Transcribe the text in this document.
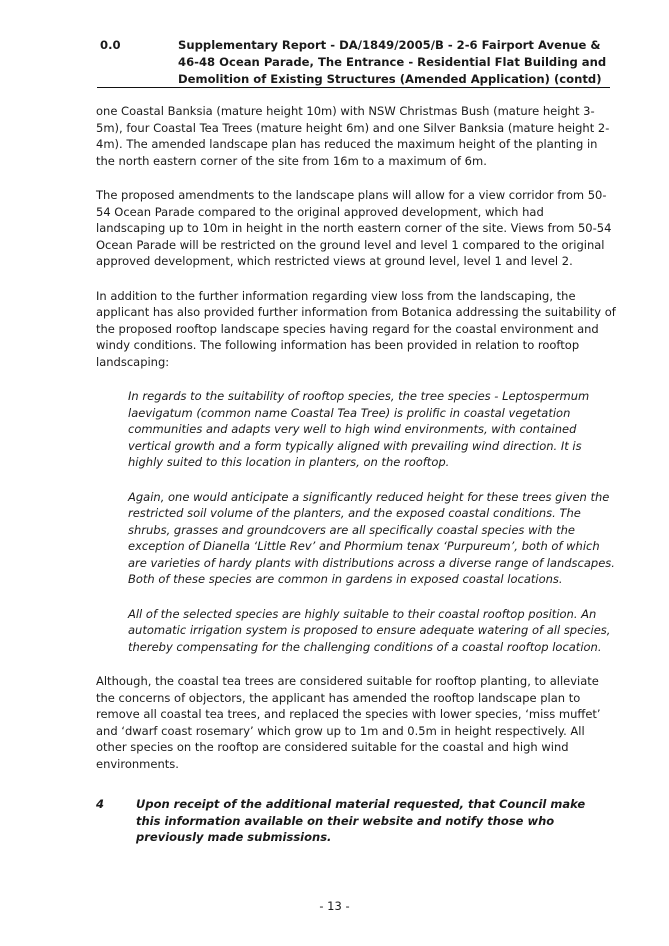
0.0	Supplementary Report - DA/1849/2005/B - 2-6 Fairport Avenue & 46-48 Ocean Parade, The Entrance - Residential Flat Building and Demolition of Existing Structures (Amended Application) (contd)

one Coastal Banksia (mature height 10m) with NSW Christmas Bush (mature height 3-5m), four Coastal Tea Trees (mature height 6m) and one Silver Banksia (mature height 2-4m). The amended landscape plan has reduced the maximum height of the planting in the north eastern corner of the site from 16m to a maximum of 6m.

The proposed amendments to the landscape plans will allow for a view corridor from 50-54 Ocean Parade compared to the original approved development, which had landscaping up to 10m in height in the north eastern corner of the site. Views from 50-54 Ocean Parade will be restricted on the ground level and level 1 compared to the original approved development, which restricted views at ground level, level 1 and level 2.

In addition to the further information regarding view loss from the landscaping, the applicant has also provided further information from Botanica addressing the suitability of the proposed rooftop landscape species having regard for the coastal environment and windy conditions. The following information has been provided in relation to rooftop landscaping:

In regards to the suitability of rooftop species, the tree species - Leptospermum laevigatum (common name Coastal Tea Tree) is prolific in coastal vegetation communities and adapts very well to high wind environments, with contained vertical growth and a form typically aligned with prevailing wind direction. It is highly suited to this location in planters, on the rooftop.

Again, one would anticipate a significantly reduced height for these trees given the restricted soil volume of the planters, and the exposed coastal conditions. The shrubs, grasses and groundcovers are all specifically coastal species with the exception of Dianella ‘Little Rev’ and Phormium tenax ‘Purpureum’, both of which are varieties of hardy plants with distributions across a diverse range of landscapes. Both of these species are common in gardens in exposed coastal locations.

All of the selected species are highly suitable to their coastal rooftop position. An automatic irrigation system is proposed to ensure adequate watering of all species, thereby compensating for the challenging conditions of a coastal rooftop location.

Although, the coastal tea trees are considered suitable for rooftop planting, to alleviate the concerns of objectors, the applicant has amended the rooftop landscape plan to remove all coastal tea trees, and replaced the species with lower species, ‘miss muffet’ and ‘dwarf coast rosemary’ which grow up to 1m and 0.5m in height respectively. All other species on the rooftop are considered suitable for the coastal and high wind environments.

4	Upon receipt of the additional material requested, that Council make this information available on their website and notify those who previously made submissions.
- 13 -
